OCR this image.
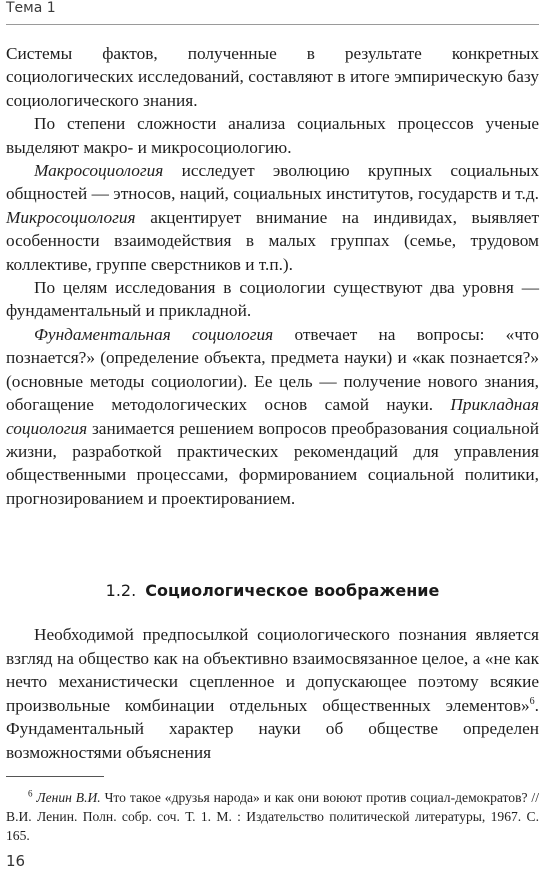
Тема 1

Системы фактов, полученные в результате конкретных социологических исследований, составляют в итоге эмпирическую базу социологического знания.

По степени сложности анализа социальных процессов ученые выделяют макро- и микросоциологию.

Макросоциология исследует эволюцию крупных социальных общностей — этносов, наций, социальных институтов, государств и т.д. Микросоциология акцентирует внимание на индивидах, выявляет особенности взаимодействия в малых группах (семье, трудовом коллективе, группе сверстников и т.п.).

По целям исследования в социологии существуют два уровня — фундаментальный и прикладной.

Фундаментальная социология отвечает на вопросы: «что познается?» (определение объекта, предмета науки) и «как познается?» (основные методы социологии). Ее цель — получение нового знания, обогащение методологических основ самой науки. Прикладная социология занимается решением вопросов преобразования социальной жизни, разработкой практических рекомендаций для управления общественными процессами, формированием социальной политики, прогнозированием и проектированием.

1.2. Социологическое воображение

Необходимой предпосылкой социологического познания является взгляд на общество как на объективно взаимосвязанное целое, а «не как нечто механистически сцепленное и допускающее поэтому всякие произвольные комбинации отдельных общественных элементов»$^6$. Фундаментальный характер науки об обществе определен возможностями объяснения

$^6$ Ленин В.И. Что такое «друзья народа» и как они воюют против социал-демократов? // В.И. Ленин. Полн. собр. соч. Т. 1. М. : Издательство политической литературы, 1967. С. 165.

16
